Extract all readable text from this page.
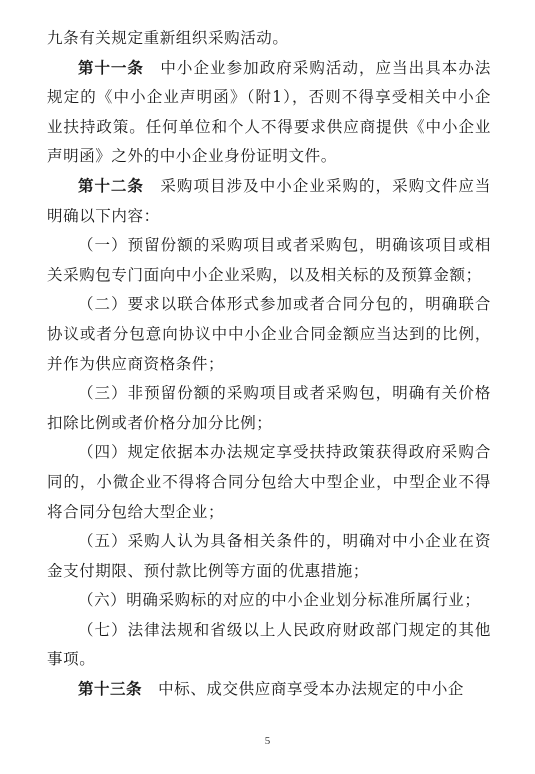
九条有关规定重新组织采购活动。

第十一条　 中小企业参加政府采购活动，应当出具本办法规定的《中小企业声明函》（附1），否则不得享受相关中小企业扶持政策。任何单位和个人不得要求供应商提供《中小企业声明函》之外的中小企业身份证明文件。

第十二条　 采购项目涉及中小企业采购的，采购文件应当明确以下内容：

（一）预留份额的采购项目或者采购包，明确该项目或相关采购包专门面向中小企业采购，以及相关标的及预算金额；

（二）要求以联合体形式参加或者合同分包的，明确联合协议或者分包意向协议中中小企业合同金额应当达到的比例，并作为供应商资格条件；

（三）非预留份额的采购项目或者采购包，明确有关价格扣除比例或者价格分加分比例；

（四）规定依据本办法规定享受扶持政策获得政府采购合同的，小微企业不得将合同分包给大中型企业，中型企业不得将合同分包给大型企业；

（五）采购人认为具备相关条件的，明确对中小企业在资金支付期限、预付款比例等方面的优惠措施；

（六）明确采购标的对应的中小企业划分标准所属行业；

（七）法律法规和省级以上人民政府财政部门规定的其他事项。

第十三条　 中标、成交供应商享受本办法规定的中小企

5
